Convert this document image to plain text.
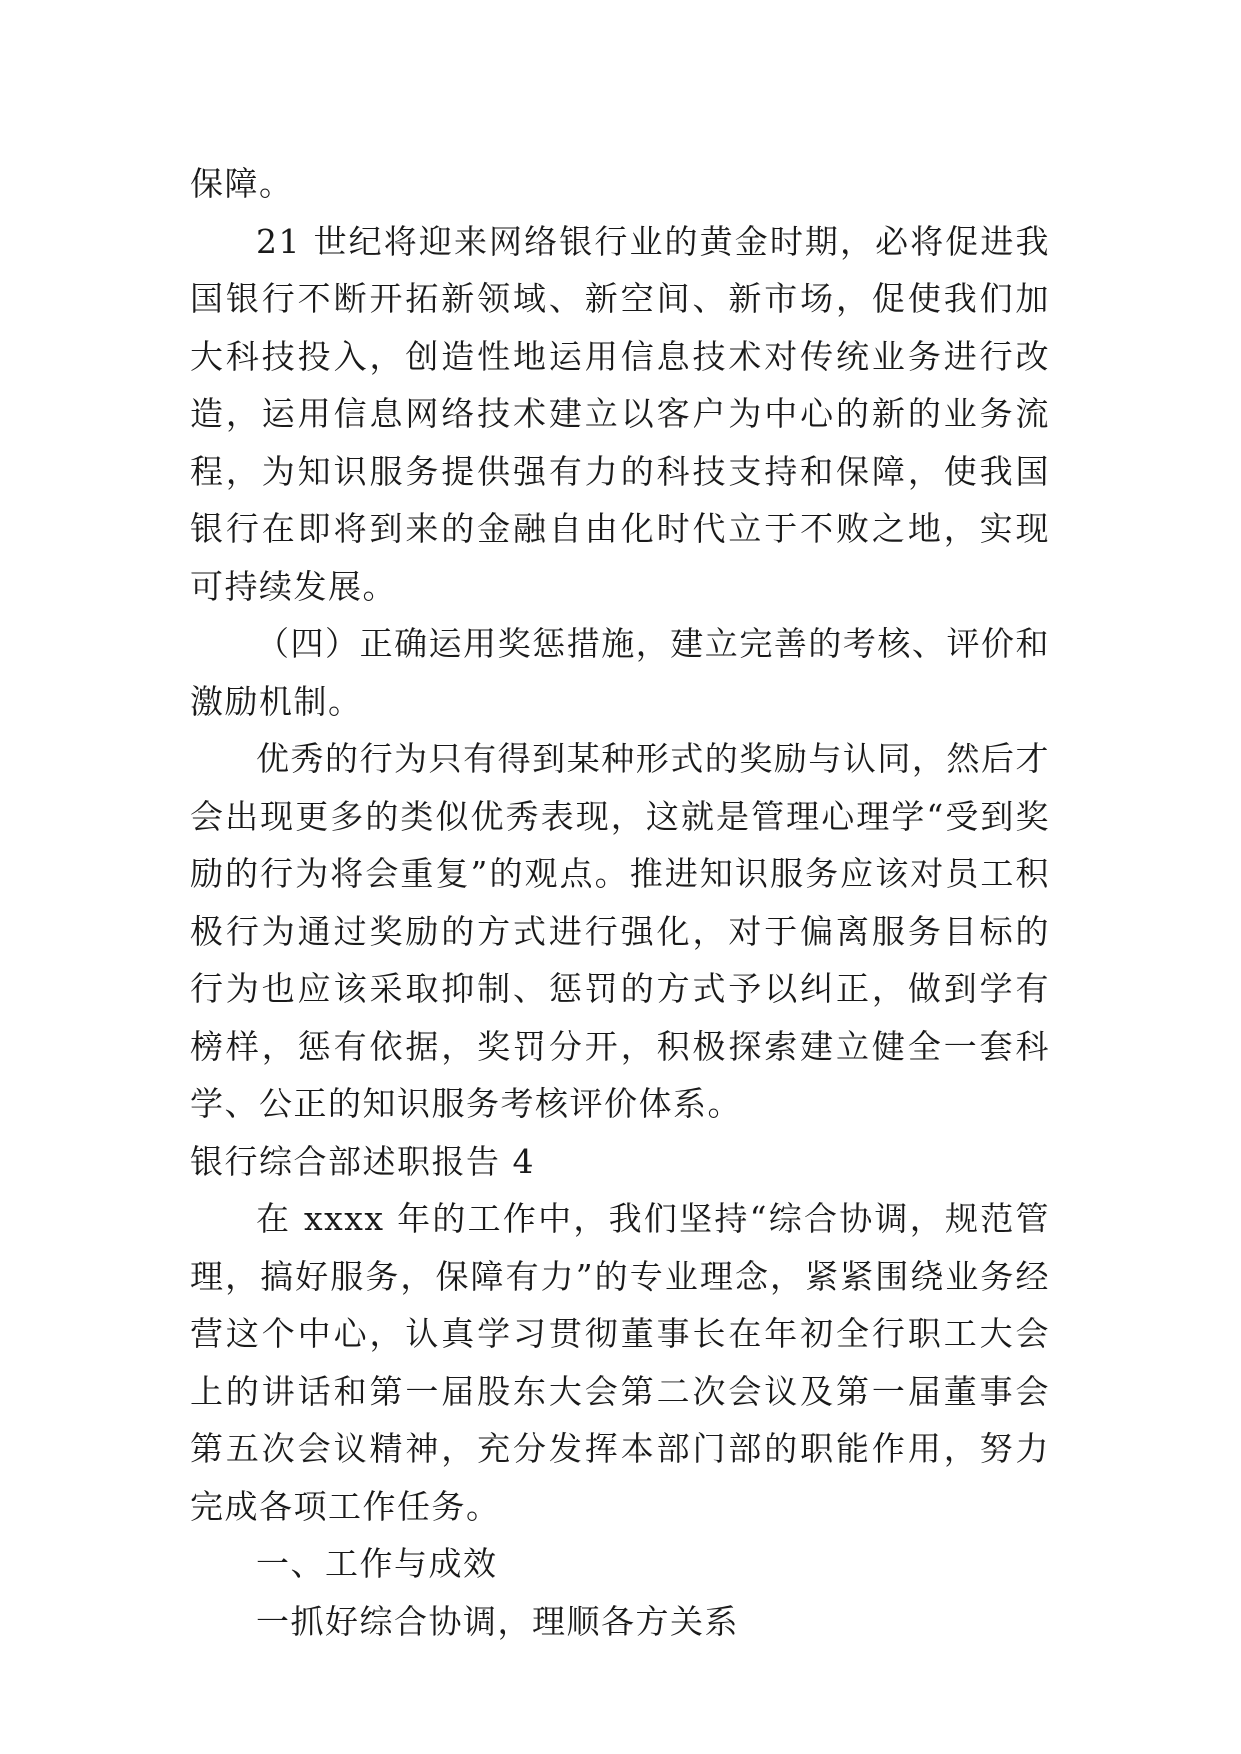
保障。

21 世纪将迎来网络银行业的黄金时期，必将促进我国银行不断开拓新领域、新空间、新市场，促使我们加大科技投入，创造性地运用信息技术对传统业务进行改造，运用信息网络技术建立以客户为中心的新的业务流程，为知识服务提供强有力的科技支持和保障，使我国银行在即将到来的金融自由化时代立于不败之地，实现可持续发展。

（四）正确运用奖惩措施，建立完善的考核、评价和激励机制。

优秀的行为只有得到某种形式的奖励与认同，然后才会出现更多的类似优秀表现，这就是管理心理学“受到奖励的行为将会重复”的观点。推进知识服务应该对员工积极行为通过奖励的方式进行强化，对于偏离服务目标的行为也应该采取抑制、惩罚的方式予以纠正，做到学有榜样，惩有依据，奖罚分开，积极探索建立健全一套科学、公正的知识服务考核评价体系。

银行综合部述职报告 4

在 xxxx 年的工作中，我们坚持“综合协调，规范管理，搞好服务，保障有力”的专业理念，紧紧围绕业务经营这个中心，认真学习贯彻董事长在年初全行职工大会上的讲话和第一届股东大会第二次会议及第一届董事会第五次会议精神，充分发挥本部门部的职能作用，努力完成各项工作任务。

一、工作与成效

一抓好综合协调，理顺各方关系
